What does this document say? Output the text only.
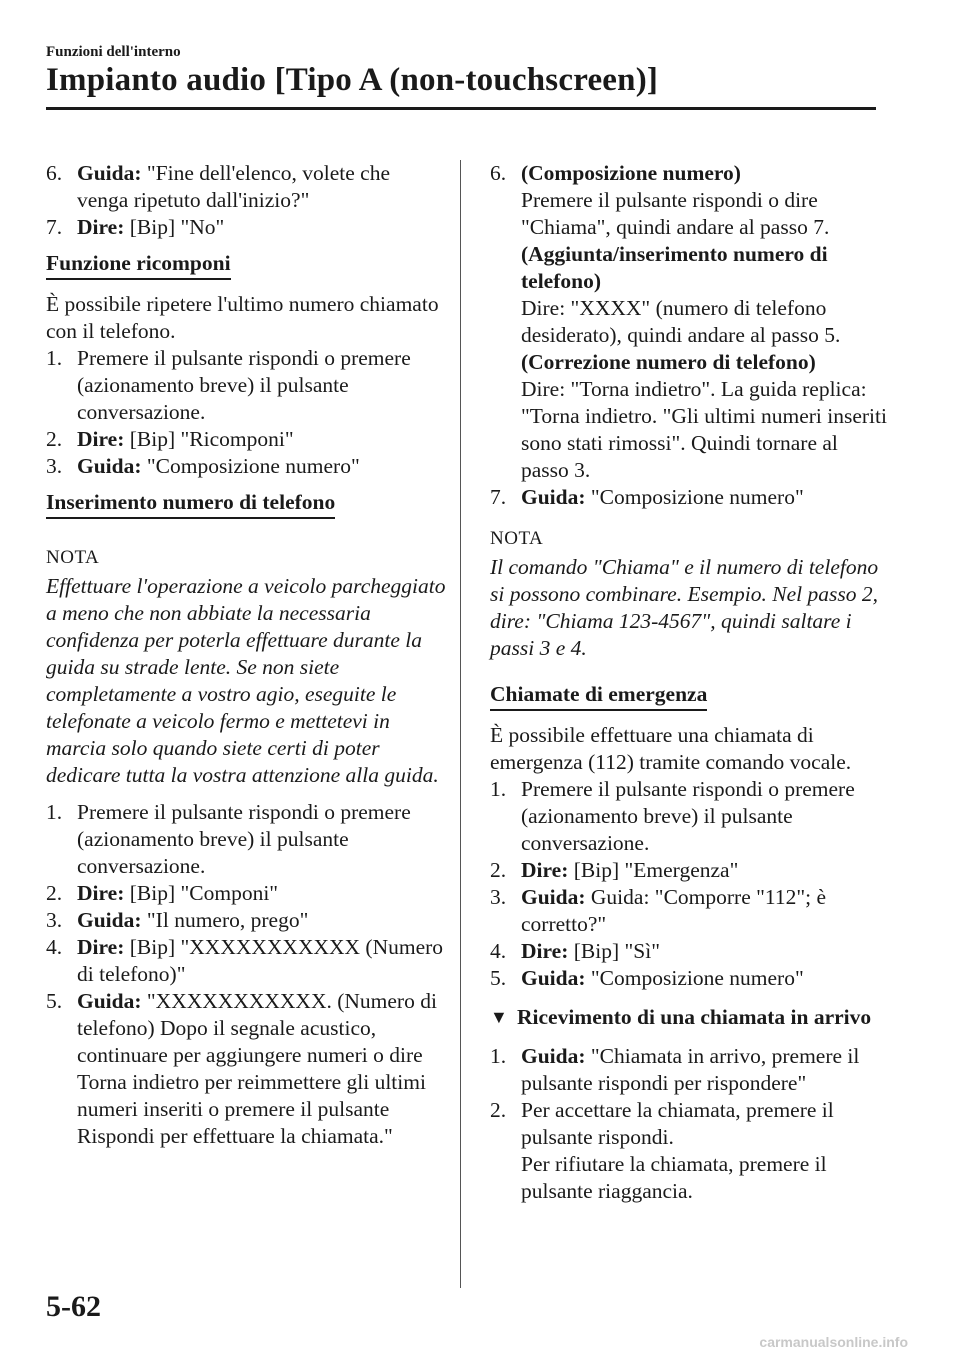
Funzioni dell'interno
Impianto audio [Tipo A (non-touchscreen)]
6. Guida: "Fine dell'elenco, volete che venga ripetuto dall'inizio?"
7. Dire: [Bip] "No"
Funzione ricomponi

È possibile ripetere l'ultimo numero chiamato con il telefono.

1. Premere il pulsante rispondi o premere (azionamento breve) il pulsante conversazione.
2. Dire: [Bip] "Ricomponi"
3. Guida: "Composizione numero"
Inserimento numero di telefono

NOTA

Effettuare l'operazione a veicolo parcheggiato a meno che non abbiate la necessaria confidenza per poterla effettuare durante la guida su strade lente. Se non siete completamente a vostro agio, eseguite le telefonate a veicolo fermo e mettetevi in marcia solo quando siete certi di poter dedicare tutta la vostra attenzione alla guida.

1. Premere il pulsante rispondi o premere (azionamento breve) il pulsante conversazione.
2. Dire: [Bip] "Componi"
3. Guida: "Il numero, prego"
4. Dire: [Bip] "XXXXXXXXXXX (Numero di telefono)"
5. Guida: "XXXXXXXXXXX. (Numero di telefono) Dopo il segnale acustico, continuare per aggiungere numeri o dire Torna indietro per reimmettere gli ultimi numeri inseriti o premere il pulsante Rispondi per effettuare la chiamata."
6. (Composizione numero)
Premere il pulsante rispondi o dire "Chiama", quindi andare al passo 7.
(Aggiunta/inserimento numero di telefono)
Dire: "XXXX" (numero di telefono desiderato), quindi andare al passo 5.
(Correzione numero di telefono)
Dire: "Torna indietro". La guida replica: "Torna indietro. "Gli ultimi numeri inseriti sono stati rimossi". Quindi tornare al passo 3.
7. Guida: "Composizione numero"

NOTA

Il comando "Chiama" e il numero di telefono si possono combinare. Esempio. Nel passo 2, dire: "Chiama 123-4567", quindi saltare i passi 3 e 4.

Chiamate di emergenza

È possibile effettuare una chiamata di emergenza (112) tramite comando vocale.

1. Premere il pulsante rispondi o premere (azionamento breve) il pulsante conversazione.
2. Dire: [Bip] "Emergenza"
3. Guida: Guida: "Comporre "112"; è corretto?"
4. Dire: [Bip] "Sì"
5. Guida: "Composizione numero"
▼ Ricevimento di una chiamata in arrivo
1. Guida: "Chiamata in arrivo, premere il pulsante rispondi per rispondere"
2. Per accettare la chiamata, premere il pulsante rispondi.
Per rifiutare la chiamata, premere il pulsante riaggancia.
5-62
carmanualsonline.info
